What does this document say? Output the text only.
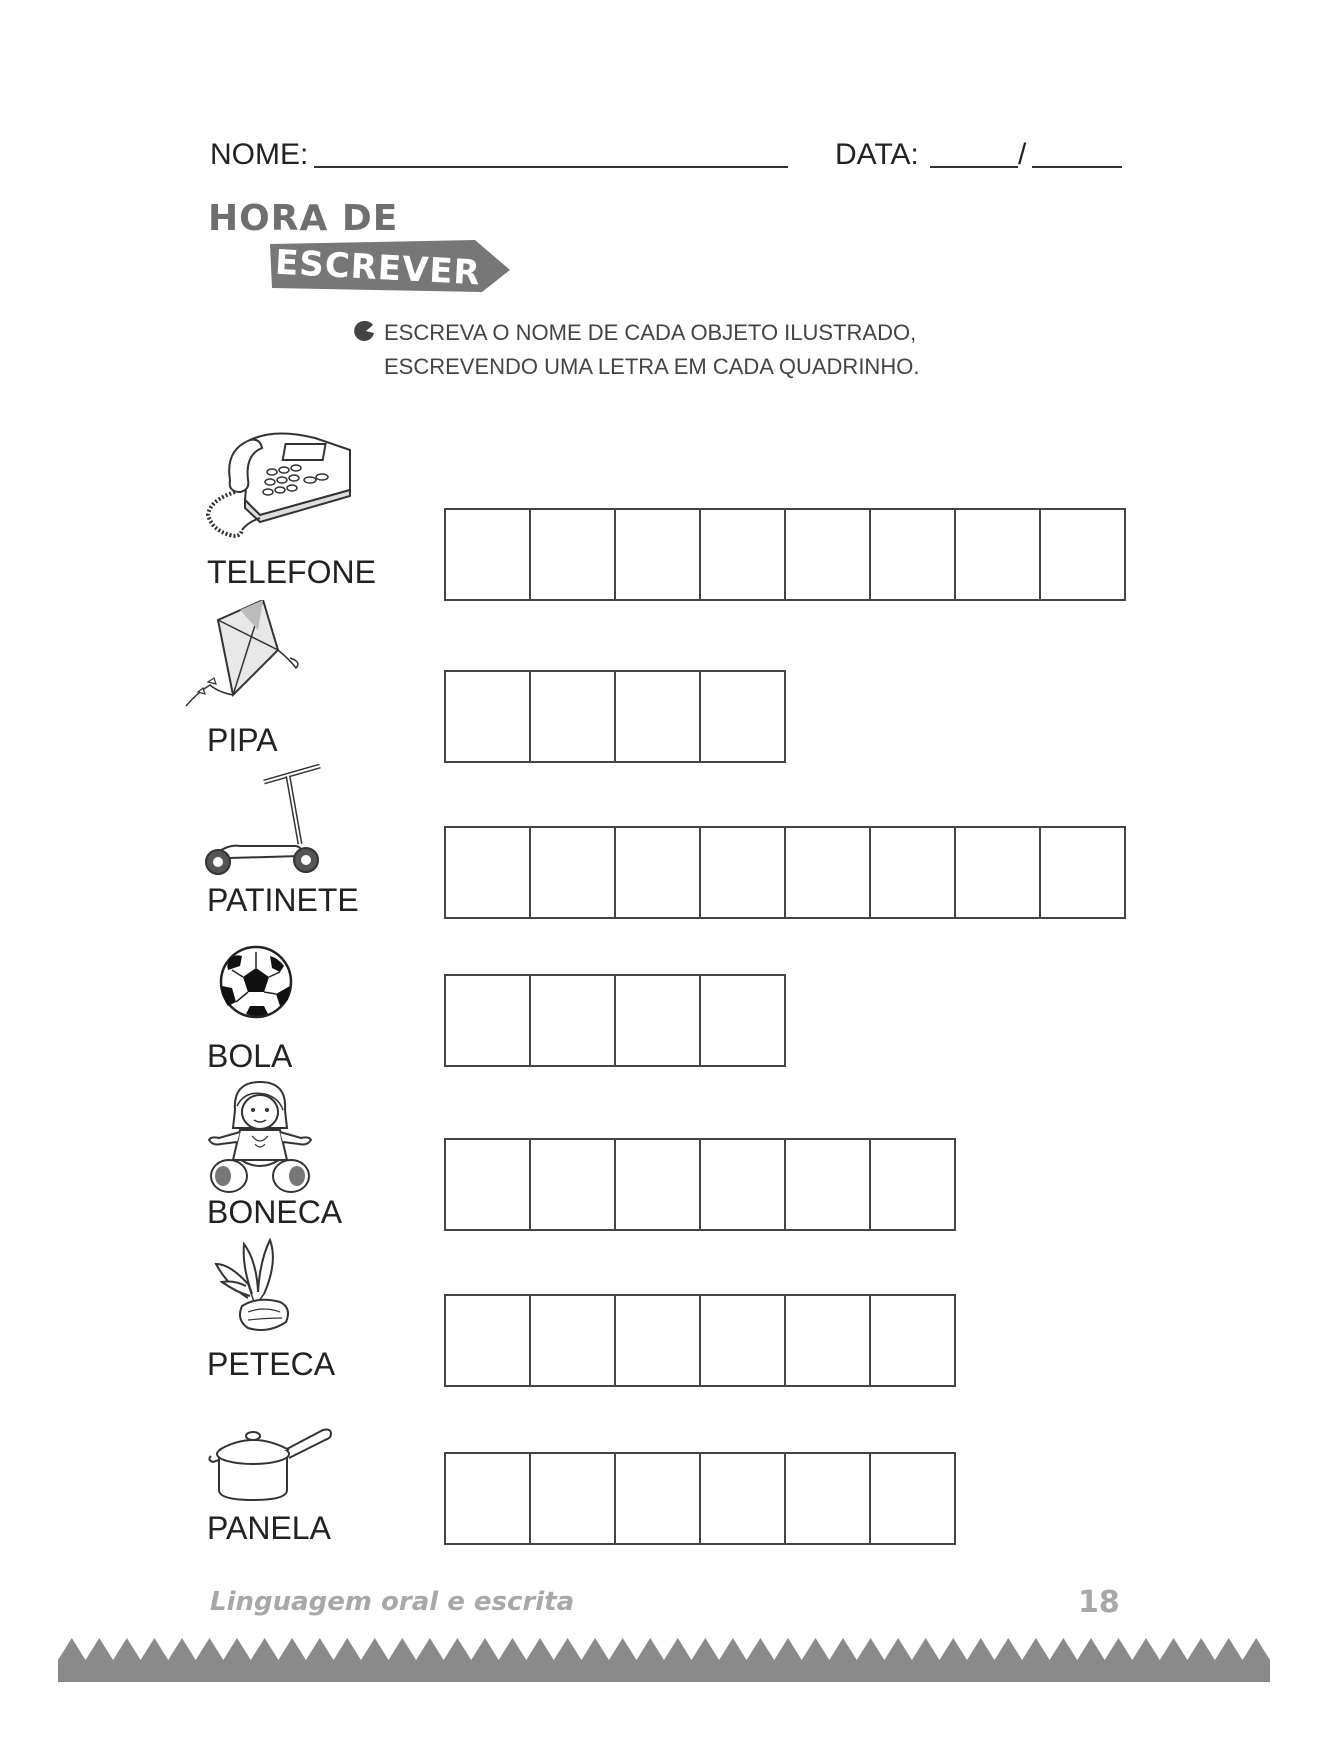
NOME:	DATA:	/
HORA DE
ESCREVER
ESCREVA O NOME DE CADA OBJETO ILUSTRADO,
ESCREVENDO UMA LETRA EM CADA QUADRINHO.
TELEFONE
PIPA
PATINETE
BOLA
BONECA
PETECA
PANELA
Linguagem oral e escrita	18
